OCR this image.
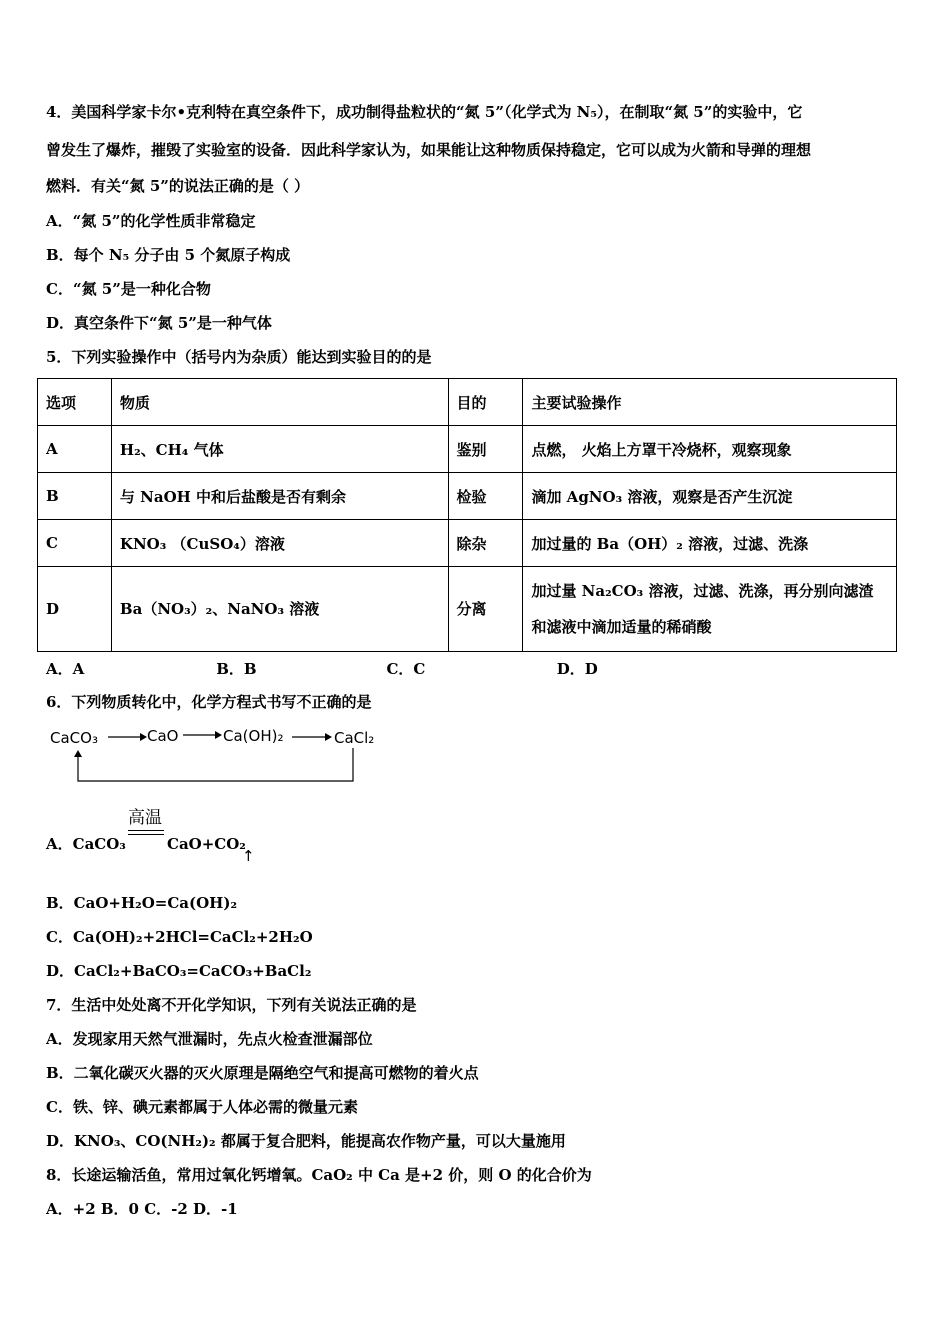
4．美国科学家卡尔•克利特在真空条件下，成功制得盐粒状的“氮 5”（化学式为 N₅），在制取“氮 5”的实验中，它
曾发生了爆炸，摧毁了实验室的设备．因此科学家认为，如果能让这种物质保持稳定，它可以成为火箭和导弹的理想
燃料．有关“氮 5”的说法正确的是（ ）
A．“氮 5”的化学性质非常稳定
B．每个 N₅ 分子由 5 个氮原子构成
C．“氮 5”是一种化合物
D．真空条件下“氮 5”是一种气体
5．下列实验操作中（括号内为杂质）能达到实验目的的是
选项	物质	目的	主要试验操作
A	H₂、CH₄ 气体	鉴别	点燃， 火焰上方罩干冷烧杯，观察现象
B	与 NaOH 中和后盐酸是否有剩余	检验	滴加 AgNO₃ 溶液，观察是否产生沉淀
C	KNO₃ （CuSO₄）溶液	除杂	加过量的 Ba（OH）₂ 溶液，过滤、洗涤
D	Ba（NO₃）₂、NaNO₃ 溶液	分离	加过量 Na₂CO₃ 溶液，过滤、洗涤，再分别向滤渣和滤液中滴加适量的稀硝酸
A．A	B．B	C．C	D．D
6．下列物质转化中，化学方程式书写不正确的是
CaCO₃	CaO	Ca(OH)₂	CaCl₂
高温
A．CaCO₃	CaO+CO₂
↑
B．CaO+H₂O=Ca(OH)₂
C．Ca(OH)₂+2HCl=CaCl₂+2H₂O
D．CaCl₂+BaCO₃=CaCO₃+BaCl₂
7．生活中处处离不开化学知识，下列有关说法正确的是
A．发现家用天然气泄漏时，先点火检查泄漏部位
B．二氧化碳灭火器的灭火原理是隔绝空气和提高可燃物的着火点
C．铁、锌、碘元素都属于人体必需的微量元素
D．KNO₃、CO(NH₂)₂ 都属于复合肥料，能提高农作物产量，可以大量施用
8．长途运输活鱼，常用过氧化钙增氧。CaO₂ 中 Ca 是+2 价，则 O 的化合价为
A．+2 B．0 C．-2 D．-1
